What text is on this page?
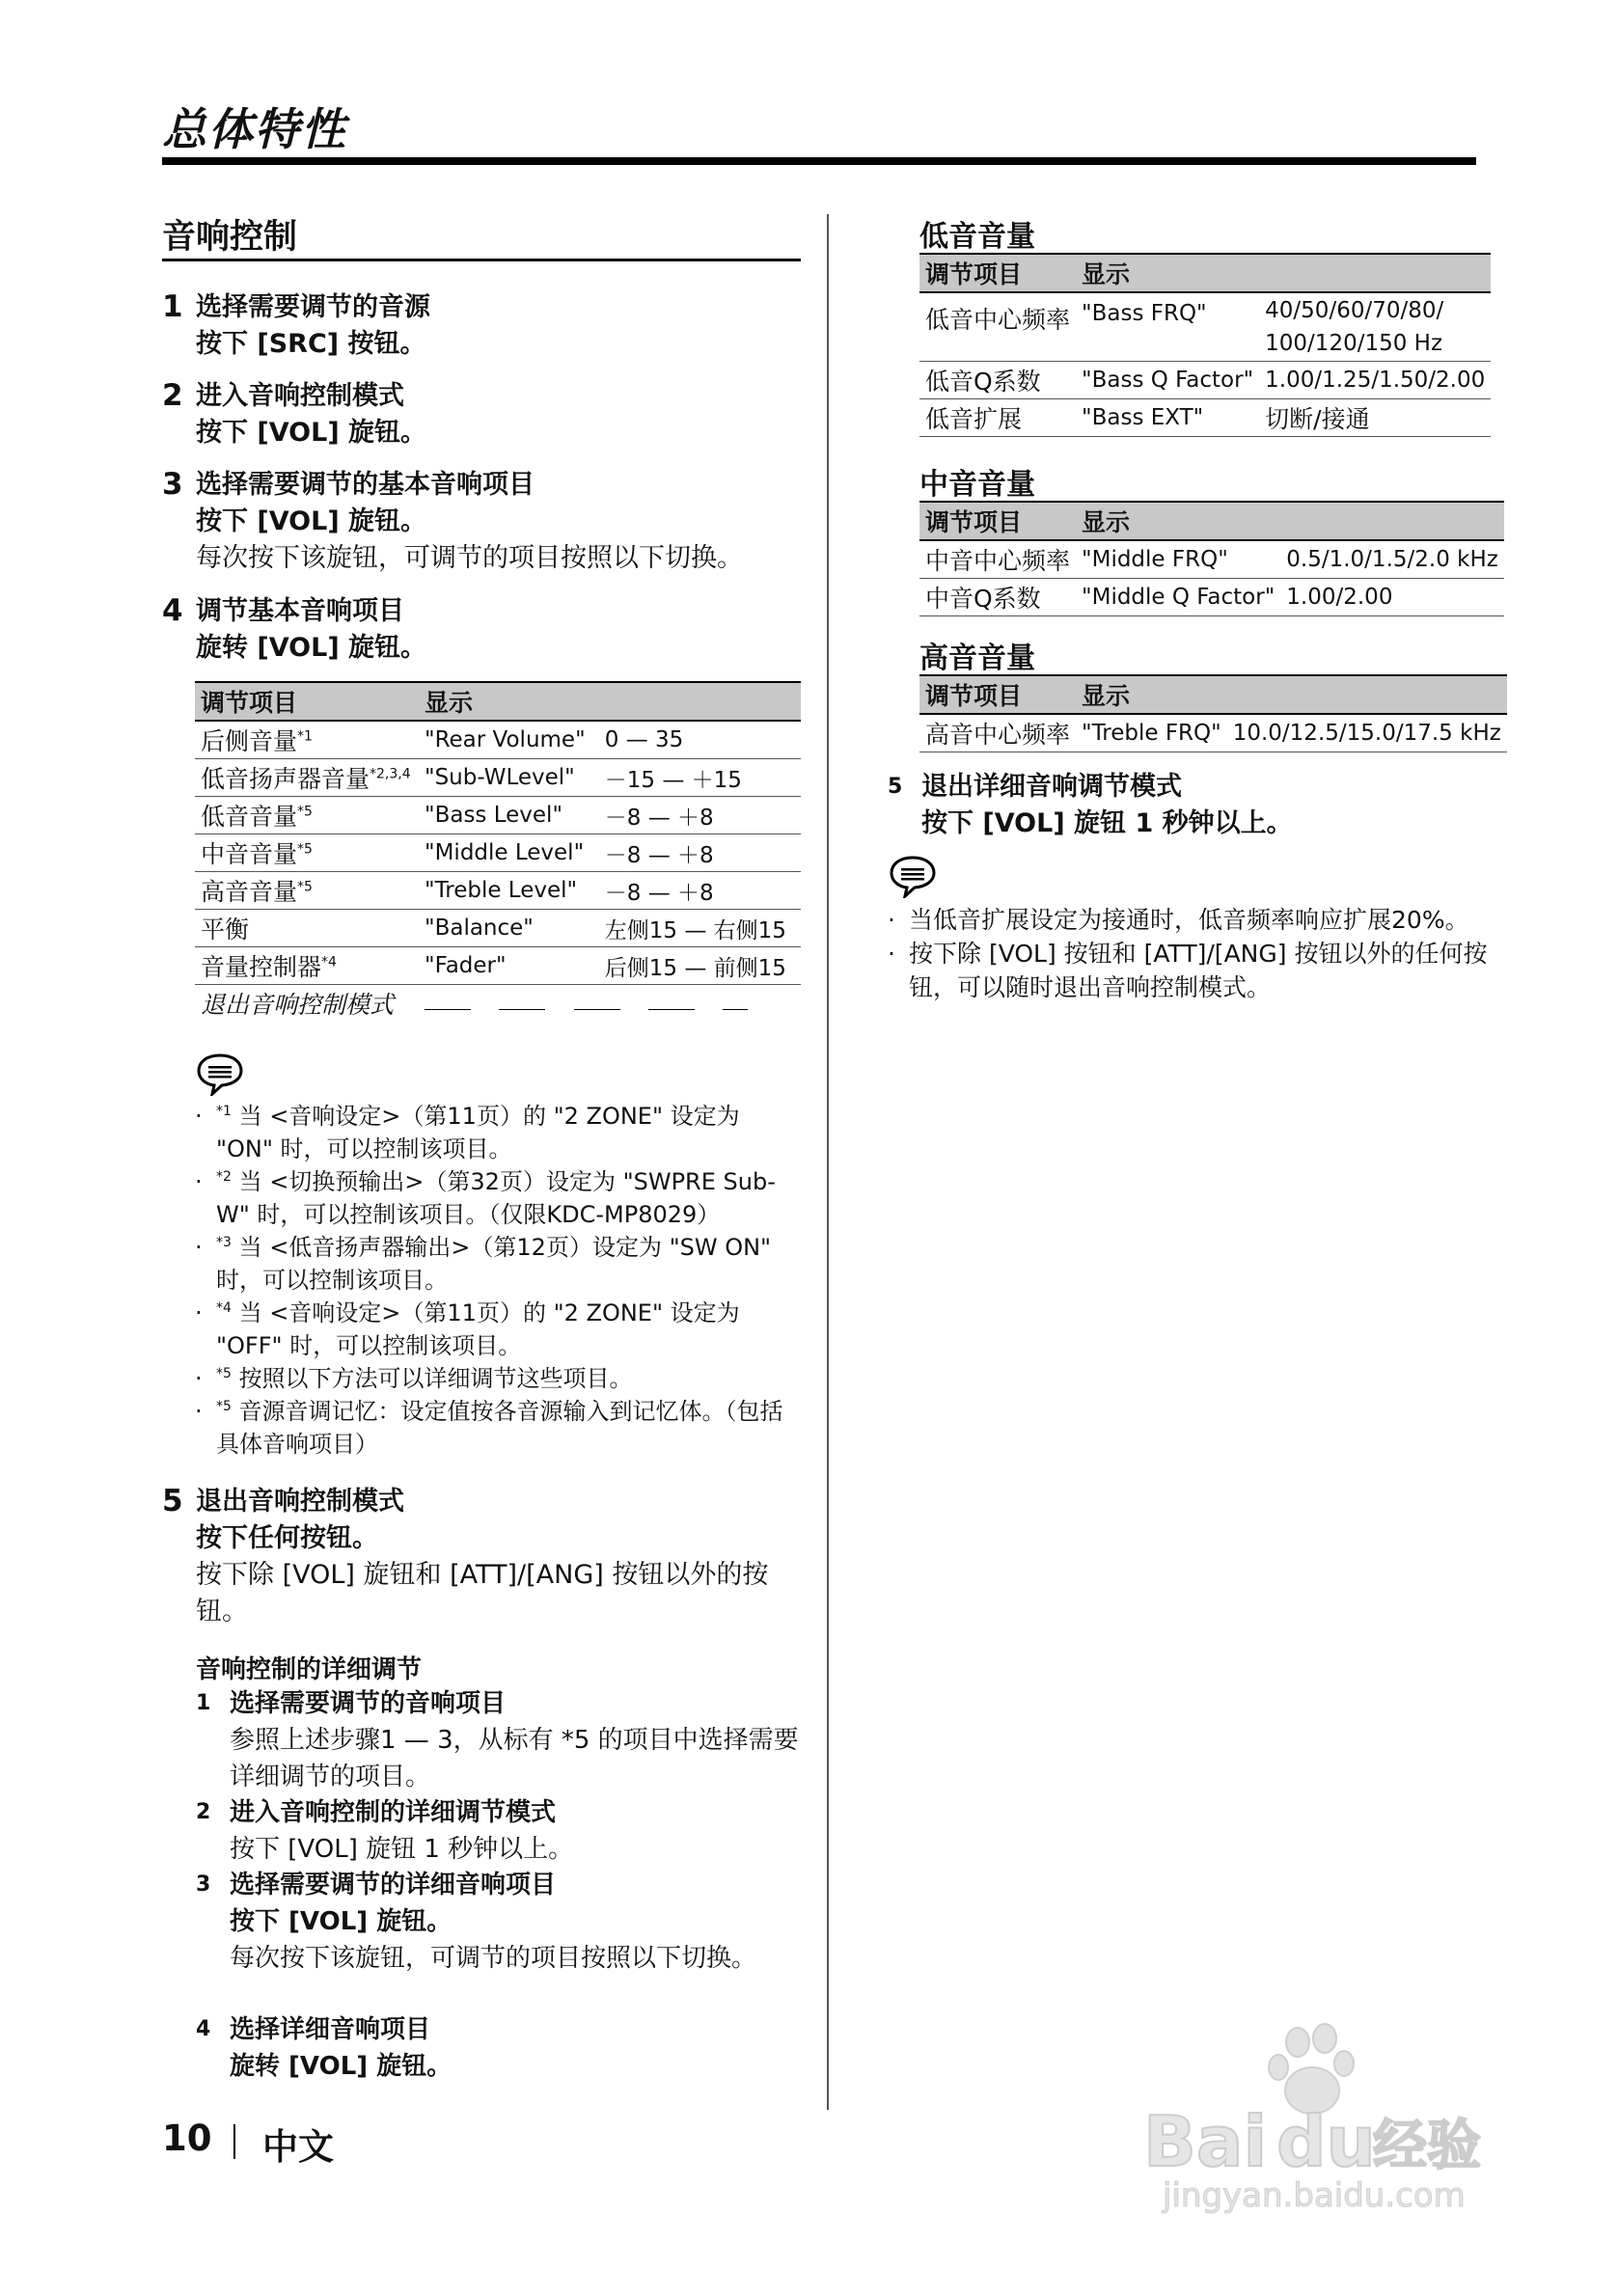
总体特性
音响控制
1 选择需要调节的音源
按下 [SRC] 按钮。
2 进入音响控制模式
按下 [VOL] 旋钮。
3 选择需要调节的基本音响项目
按下 [VOL] 旋钮。
每次按下该旋钮，可调节的项目按照以下切换。
4 调节基本音响项目
旋转 [VOL] 旋钮。
调节项目	显示	
后侧音量$^{*1}$	"Rear Volume"	0 — 35
低音扬声器音量$^{*2,3,4}$	"Sub-WLevel"	－15 — ＋15
低音音量$^{*5}$	"Bass Level"	－8 — ＋8
中音音量$^{*5}$	"Middle Level"	－8 — ＋8
高音音量$^{*5}$	"Treble Level"	－8 — ＋8
平衡	"Balance"	左侧15 — 右侧15
音量控制器$^{*4}$	"Fader"	后侧15 — 前侧15
退出音响控制模式		
· $^{*1}$ 当 <音响设定>（第11页）的 "2 ZONE" 设定为 "ON" 时，可以控制该项目。
· $^{*2}$ 当 <切换预输出>（第32页）设定为 "SWPRE Sub-W" 时，可以控制该项目。（仅限KDC-MP8029）
· $^{*3}$ 当 <低音扬声器输出>（第12页）设定为 "SW ON" 时，可以控制该项目。
· $^{*4}$ 当 <音响设定>（第11页）的 "2 ZONE" 设定为 "OFF" 时，可以控制该项目。
· $^{*5}$ 按照以下方法可以详细调节这些项目。
· $^{*5}$ 音源音调记忆：设定值按各音源输入到记忆体。（包括具体音响项目）
5 退出音响控制模式
按下任何按钮。
按下除 [VOL] 旋钮和 [ATT]/[ANG] 按钮以外的按钮。
音响控制的详细调节
1 选择需要调节的音响项目
参照上述步骤1 — 3，从标有 *5 的项目中选择需要详细调节的项目。
2 进入音响控制的详细调节模式
按下 [VOL] 旋钮 1 秒钟以上。
3 选择需要调节的详细音响项目
按下 [VOL] 旋钮。
每次按下该旋钮，可调节的项目按照以下切换。
4 选择详细音响项目
旋转 [VOL] 旋钮。
低音音量
调节项目	显示	
低音中心频率	"Bass FRQ"	40/50/60/70/80/ 100/120/150 Hz
低音Q系数	"Bass Q Factor"	1.00/1.25/1.50/2.00
低音扩展	"Bass EXT"	切断/接通
中音音量
调节项目	显示	
中音中心频率	"Middle FRQ"	0.5/1.0/1.5/2.0 kHz
中音Q系数	"Middle Q Factor"	1.00/2.00
高音音量
调节项目	显示	
高音中心频率	"Treble FRQ"	10.0/12.5/15.0/17.5 kHz
5 退出详细音响调节模式
按下 [VOL] 旋钮 1 秒钟以上。
· 当低音扩展设定为接通时，低音频率响应扩展20%。
· 按下除 [VOL] 按钮和 [ATT]/[ANG] 按钮以外的任何按钮，可以随时退出音响控制模式。
10 中文	Bai du
经验
jingyan.baidu.com
